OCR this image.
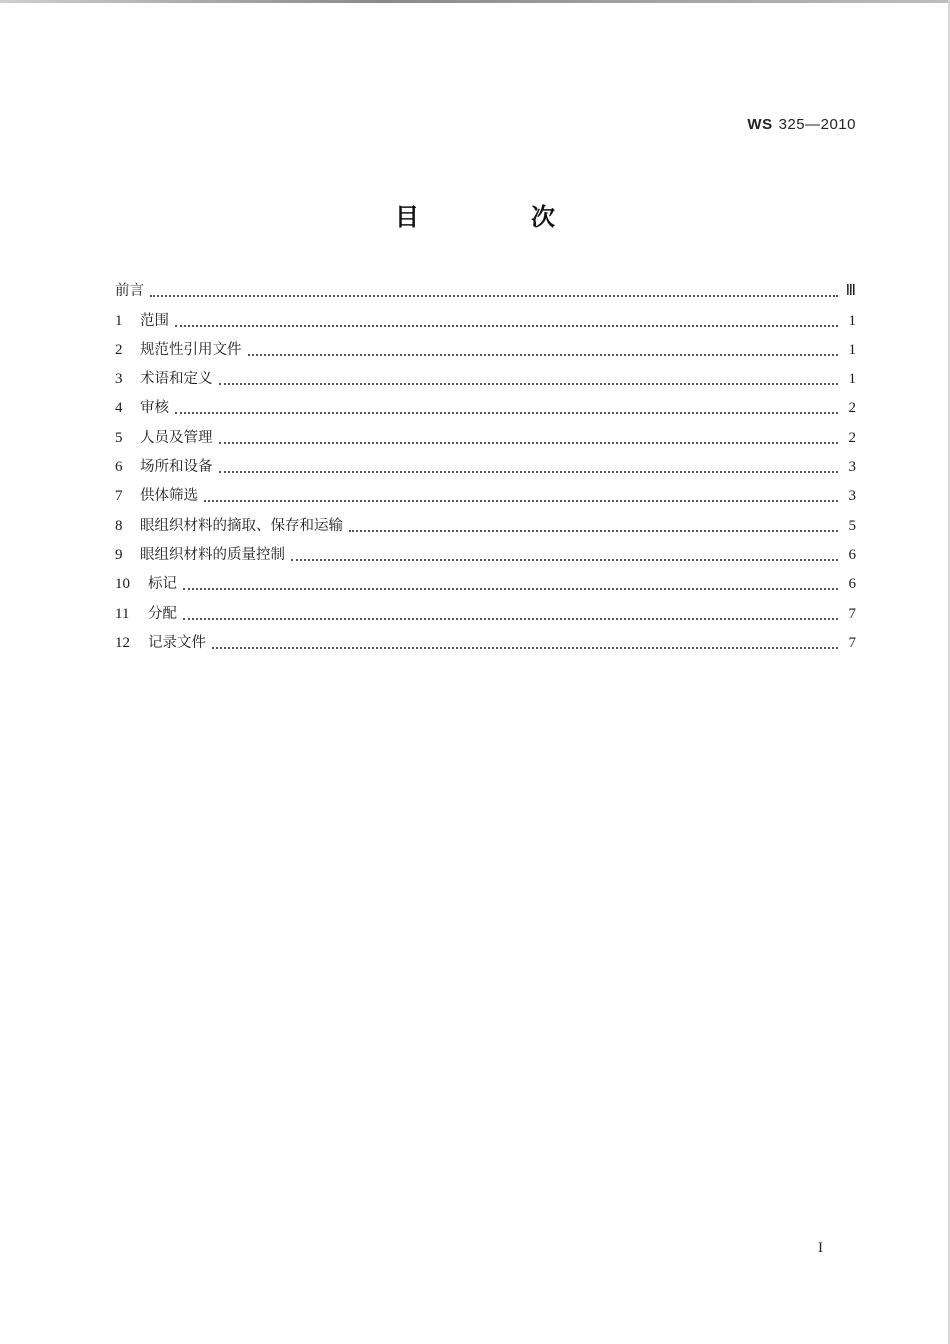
WS 325—2010
目　次
前言	Ⅲ
1	范围	1
2	规范性引用文件	1
3	术语和定义	1
4	审核	2
5	人员及管理	2
6	场所和设备	3
7	供体筛选	3
8	眼组织材料的摘取、保存和运输	5
9	眼组织材料的质量控制	6
10	标记	6
11	分配	7
12	记录文件	7
I
